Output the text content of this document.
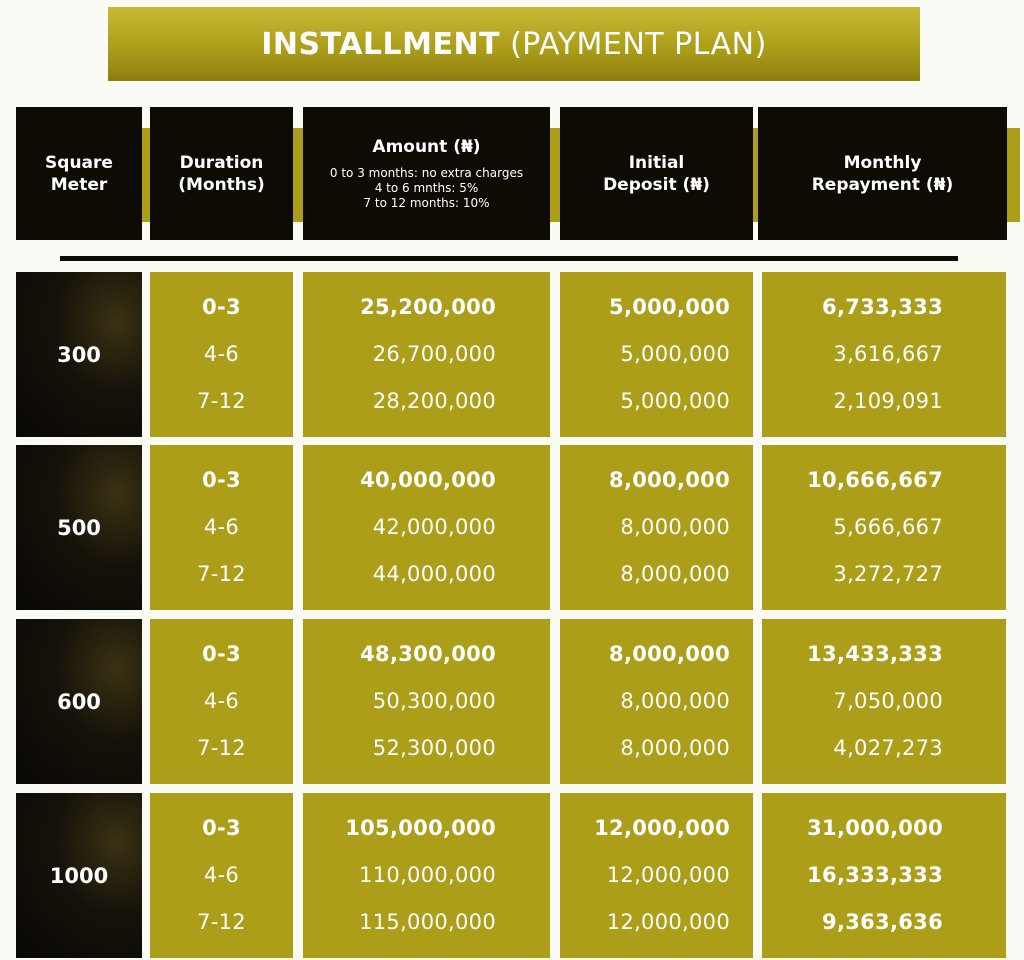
INSTALLMENT (PAYMENT PLAN)
Square
Meter
Duration
(Months)
Amount (₦)
0 to 3 months: no extra charges
4 to 6 mnths: 5%
7 to 12 months: 10%
Initial
Deposit (₦)
Monthly
Repayment (₦)
300
0-3
4-6
7-12
25,200,000
26,700,000
28,200,000
5,000,000
5,000,000
5,000,000
6,733,333
3,616,667
2,109,091
500
0-3
4-6
7-12
40,000,000
42,000,000
44,000,000
8,000,000
8,000,000
8,000,000
10,666,667
5,666,667
3,272,727
600
0-3
4-6
7-12
48,300,000
50,300,000
52,300,000
8,000,000
8,000,000
8,000,000
13,433,333
7,050,000
4,027,273
1000
0-3
4-6
7-12
105,000,000
110,000,000
115,000,000
12,000,000
12,000,000
12,000,000
31,000,000
16,333,333
9,363,636
